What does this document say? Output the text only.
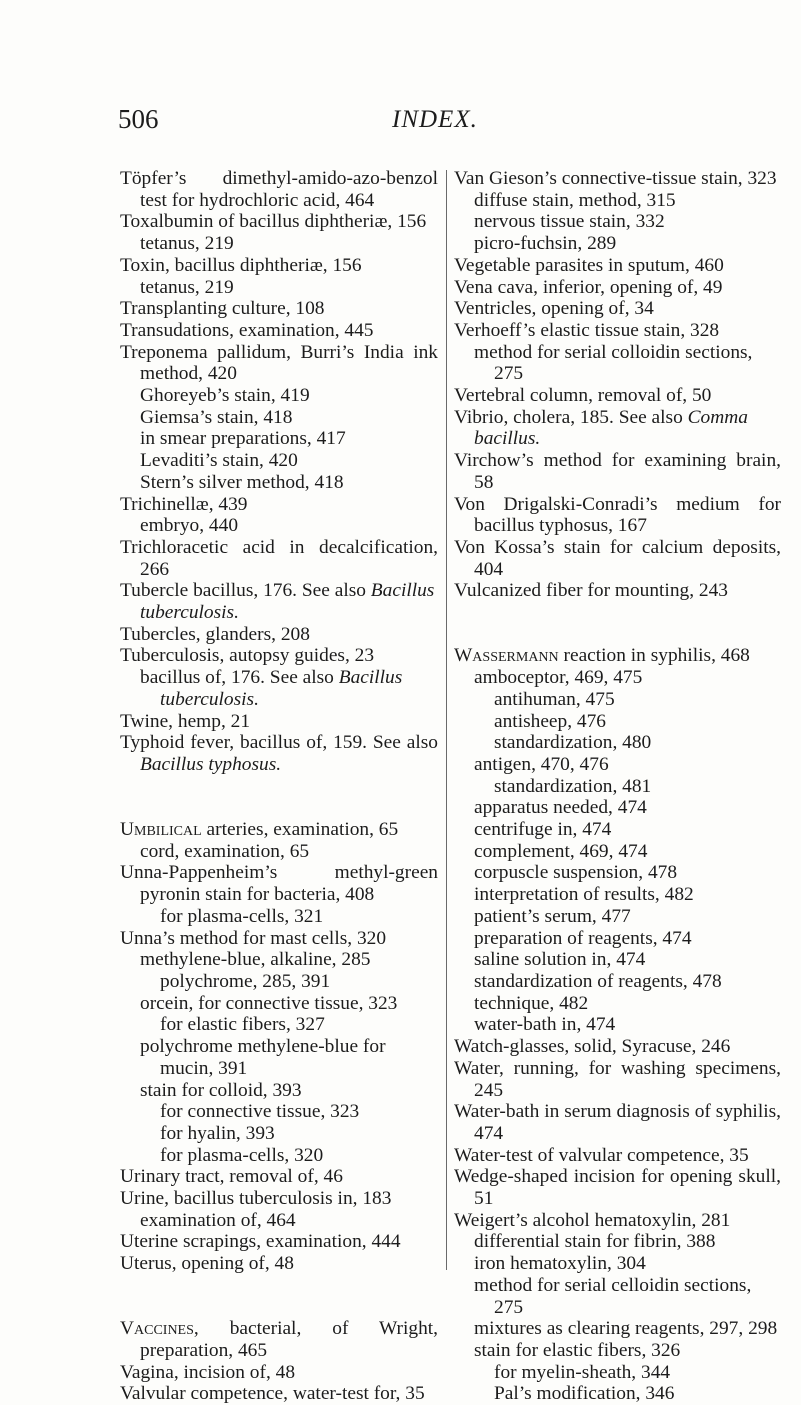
506	INDEX.
Töpfer’s dimethyl-amido-azo-benzol test for hydrochloric acid, 464
Toxalbumin of bacillus diphtheriæ, 156
tetanus, 219
Toxin, bacillus diphtheriæ, 156
tetanus, 219
Transplanting culture, 108
Transudations, examination, 445
Treponema pallidum, Burri’s India ink method, 420
Ghoreyeb’s stain, 419
Giemsa’s stain, 418
in smear preparations, 417
Levaditi’s stain, 420
Stern’s silver method, 418
Trichinellæ, 439
embryo, 440
Trichloracetic acid in decalcification, 266
Tubercle bacillus, 176. See also Bacillus tuberculosis.
Tubercles, glanders, 208
Tuberculosis, autopsy guides, 23
bacillus of, 176. See also Bacillus tuberculosis.
Twine, hemp, 21
Typhoid fever, bacillus of, 159. See also Bacillus typhosus.
Umbilical arteries, examination, 65
cord, examination, 65
Unna-Pappenheim’s methyl-green pyronin stain for bacteria, 408
for plasma-cells, 321
Unna’s method for mast cells, 320
methylene-blue, alkaline, 285
polychrome, 285, 391
orcein, for connective tissue, 323
for elastic fibers, 327
polychrome methylene-blue for mucin, 391
stain for colloid, 393
for connective tissue, 323
for hyalin, 393
for plasma-cells, 320
Urinary tract, removal of, 46
Urine, bacillus tuberculosis in, 183
examination of, 464
Uterine scrapings, examination, 444
Uterus, opening of, 48
Vaccines, bacterial, of Wright, preparation, 465
Vagina, incision of, 48
Valvular competence, water-test for, 35
Van Gieson’s connective-tissue stain, 323
diffuse stain, method, 315
nervous tissue stain, 332
picro-fuchsin, 289
Vegetable parasites in sputum, 460
Vena cava, inferior, opening of, 49
Ventricles, opening of, 34
Verhoeff’s elastic tissue stain, 328
method for serial colloidin sections, 275
Vertebral column, removal of, 50
Vibrio, cholera, 185. See also Comma bacillus.
Virchow’s method for examining brain, 58
Von Drigalski-Conradi’s medium for bacillus typhosus, 167
Von Kossa’s stain for calcium deposits, 404
Vulcanized fiber for mounting, 243
Wassermann reaction in syphilis, 468
amboceptor, 469, 475
antihuman, 475
antisheep, 476
standardization, 480
antigen, 470, 476
standardization, 481
apparatus needed, 474
centrifuge in, 474
complement, 469, 474
corpuscle suspension, 478
interpretation of results, 482
patient’s serum, 477
preparation of reagents, 474
saline solution in, 474
standardization of reagents, 478
technique, 482
water-bath in, 474
Watch-glasses, solid, Syracuse, 246
Water, running, for washing specimens, 245
Water-bath in serum diagnosis of syphilis, 474
Water-test of valvular competence, 35
Wedge-shaped incision for opening skull, 51
Weigert’s alcohol hematoxylin, 281
differential stain for fibrin, 388
iron hematoxylin, 304
method for serial celloidin sections, 275
mixtures as clearing reagents, 297, 298
stain for elastic fibers, 326
for myelin-sheath, 344
Pal’s modification, 346
